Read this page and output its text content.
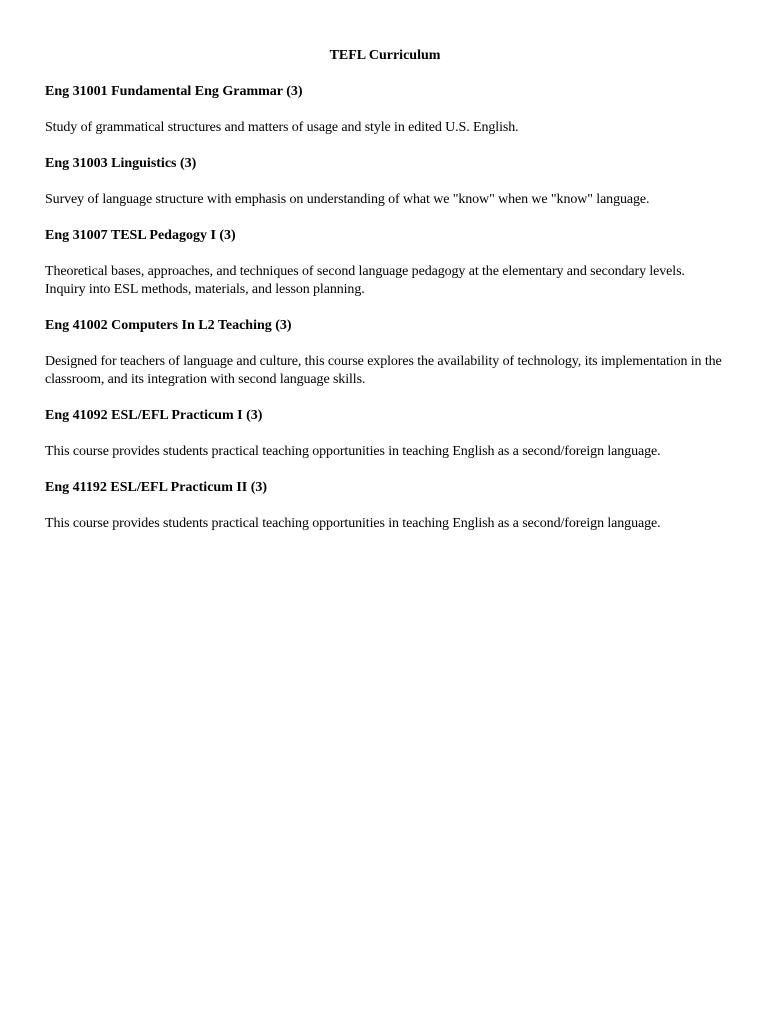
TEFL Curriculum

Eng 31001 Fundamental Eng Grammar (3)

Study of grammatical structures and matters of usage and style in edited U.S. English.

Eng 31003 Linguistics (3)

Survey of language structure with emphasis on understanding of what we "know" when we "know" language.

Eng 31007 TESL Pedagogy I (3)

Theoretical bases, approaches, and techniques of second language pedagogy at the elementary and secondary levels. Inquiry into ESL methods, materials, and lesson planning.

Eng 41002 Computers In L2 Teaching (3)

Designed for teachers of language and culture, this course explores the availability of technology, its implementation in the classroom, and its integration with second language skills.

Eng 41092 ESL/EFL Practicum I (3)

This course provides students practical teaching opportunities in teaching English as a second/foreign language.

Eng 41192 ESL/EFL Practicum II (3)

This course provides students practical teaching opportunities in teaching English as a second/foreign language.
